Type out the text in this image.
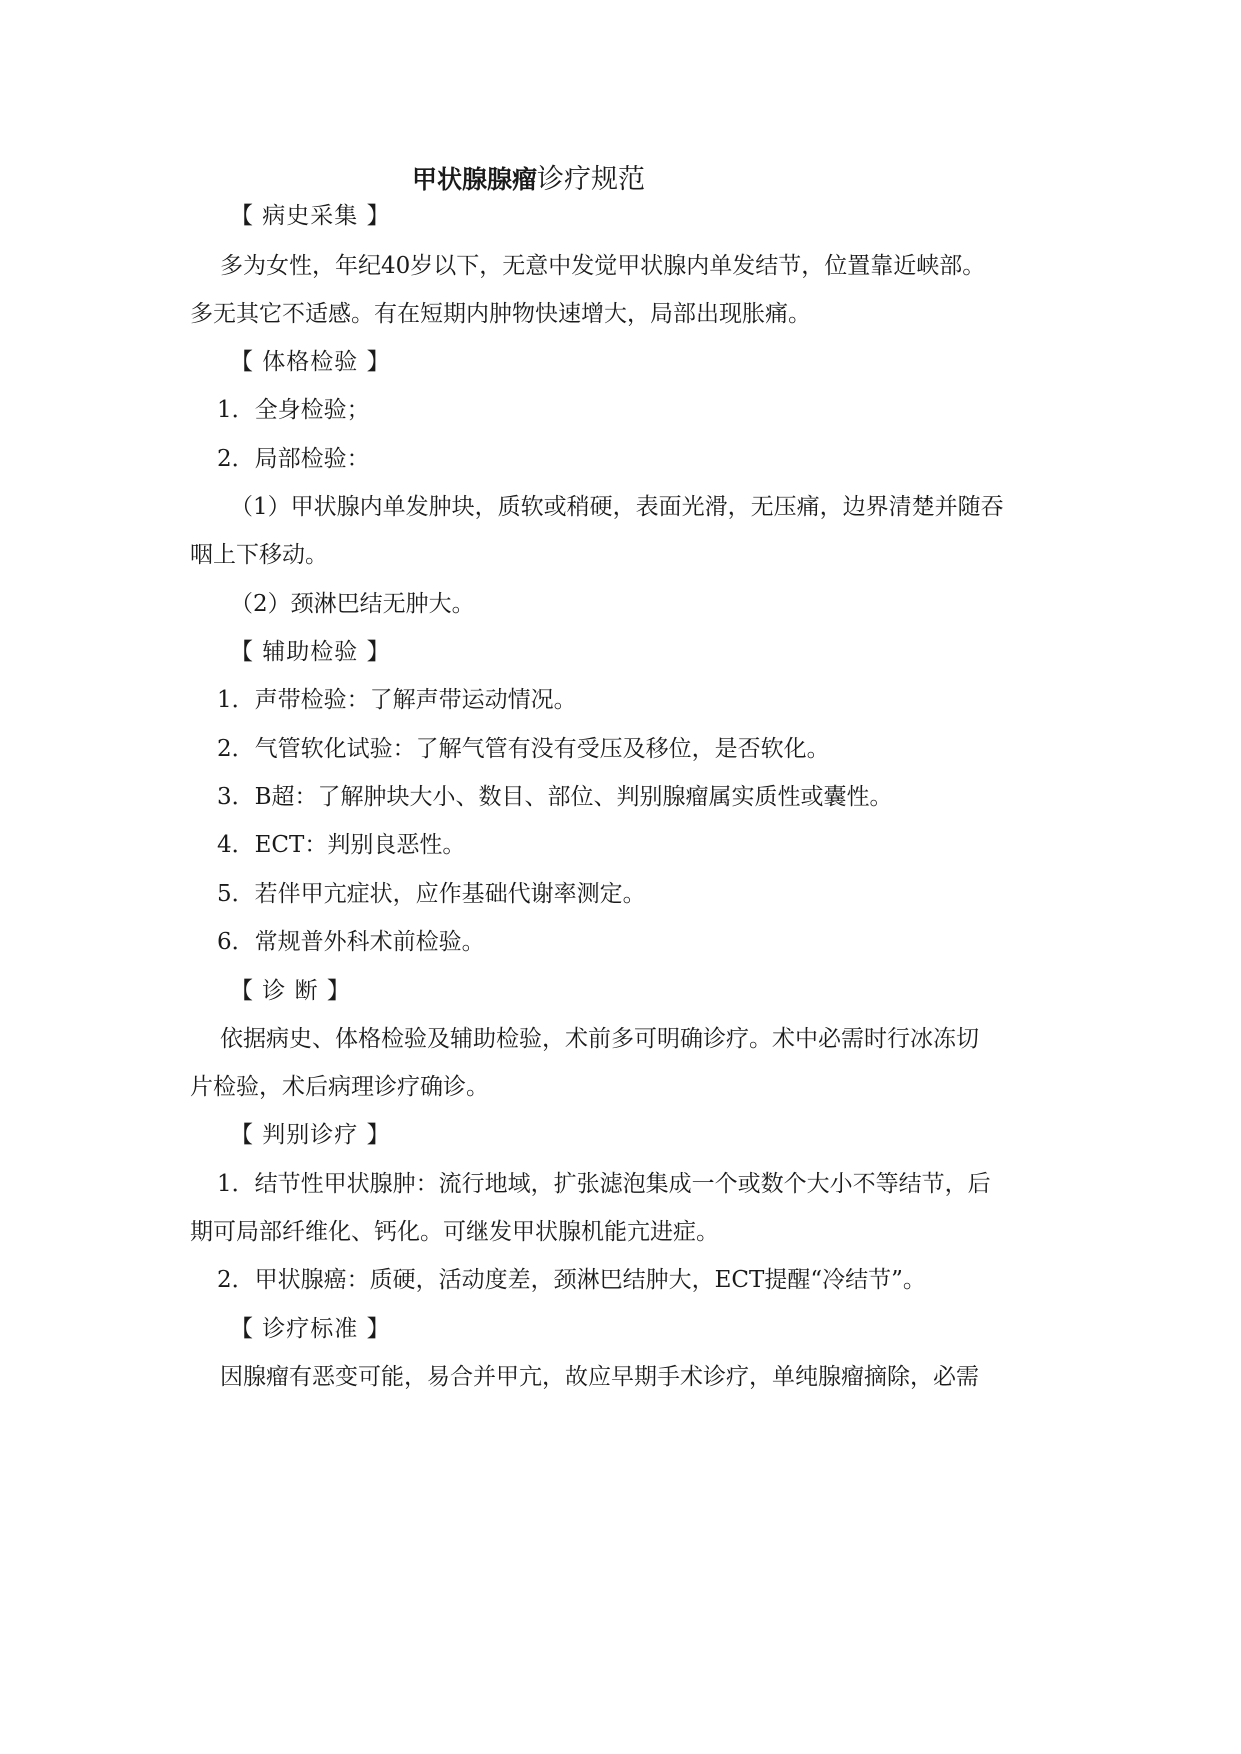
甲状腺腺瘤诊疗规范
【 病史采集 】
多为女性，年纪40岁以下，无意中发觉甲状腺内单发结节，位置靠近峡部。
多无其它不适感。有在短期内肿物快速增大，局部出现胀痛。
【 体格检验 】
1．全身检验；
2．局部检验：
（1）甲状腺内单发肿块，质软或稍硬，表面光滑，无压痛，边界清楚并随吞
咽上下移动。
（2）颈淋巴结无肿大。
【 辅助检验 】
1．声带检验：了解声带运动情况。
2．气管软化试验：了解气管有没有受压及移位，是否软化。
3．B超：了解肿块大小、数目、部位、判别腺瘤属实质性或囊性。
4．ECT：判别良恶性。
5．若伴甲亢症状，应作基础代谢率测定。
6．常规普外科术前检验。
【 诊 断 】
依据病史、体格检验及辅助检验，术前多可明确诊疗。术中必需时行冰冻切
片检验，术后病理诊疗确诊。
【 判别诊疗 】
1．结节性甲状腺肿：流行地域，扩张滤泡集成一个或数个大小不等结节，后
期可局部纤维化、钙化。可继发甲状腺机能亢进症。
2．甲状腺癌：质硬，活动度差，颈淋巴结肿大，ECT提醒“冷结节”。
【 诊疗标准 】
因腺瘤有恶变可能，易合并甲亢，故应早期手术诊疗，单纯腺瘤摘除，必需
